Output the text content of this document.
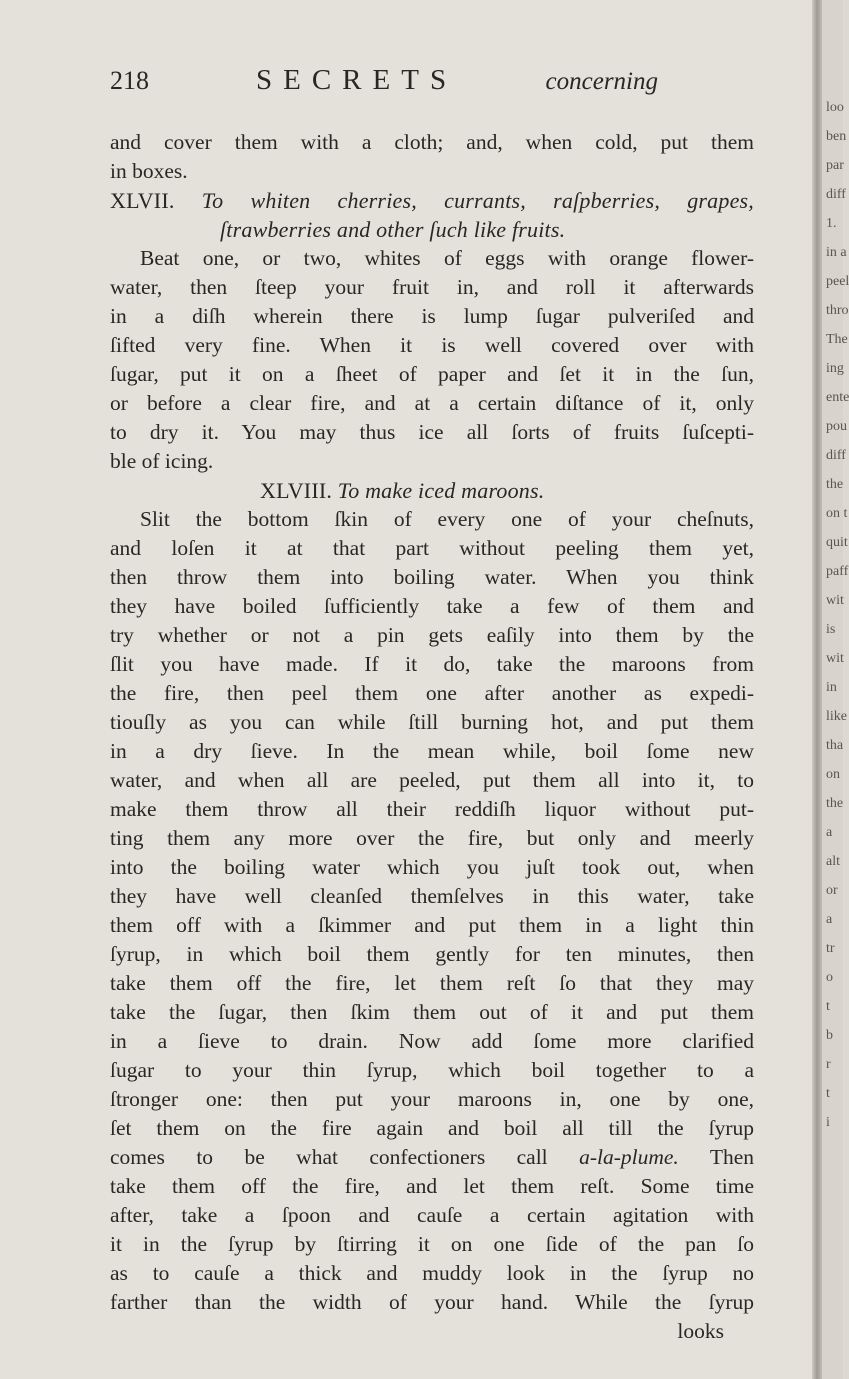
218	SECRETS	concerning
and cover them with a cloth; and, when cold, put them
in boxes.
XLVII. To whiten cherries, currants, raſpberries, grapes,
ſtrawberries and other ſuch like fruits.
Beat one, or two, whites of eggs with orange flower-
water, then ſteep your fruit in, and roll it afterwards
in a diſh wherein there is lump ſugar pulveriſed and
ſifted very fine. When it is well covered over with
ſugar, put it on a ſheet of paper and ſet it in the ſun,
or before a clear fire, and at a certain diſtance of it, only
to dry it. You may thus ice all ſorts of fruits ſuſcepti-
ble of icing.
XLVIII. To make iced maroons.
Slit the bottom ſkin of every one of your cheſnuts,
and loſen it at that part without peeling them yet,
then throw them into boiling water. When you think
they have boiled ſufficiently take a few of them and
try whether or not a pin gets eaſily into them by the
ſlit you have made. If it do, take the maroons from
the fire, then peel them one after another as expedi-
tiouſly as you can while ſtill burning hot, and put them
in a dry ſieve. In the mean while, boil ſome new
water, and when all are peeled, put them all into it, to
make them throw all their reddiſh liquor without put-
ting them any more over the fire, but only and meerly
into the boiling water which you juſt took out, when
they have well cleanſed themſelves in this water, take
them off with a ſkimmer and put them in a light thin
ſyrup, in which boil them gently for ten minutes, then
take them off the fire, let them reſt ſo that they may
take the ſugar, then ſkim them out of it and put them
in a ſieve to drain. Now add ſome more clarified
ſugar to your thin ſyrup, which boil together to a
ſtronger one: then put your maroons in, one by one,
ſet them on the fire again and boil all till the ſyrup
comes to be what confectioners call a-la-plume. Then
take them off the fire, and let them reſt. Some time
after, take a ſpoon and cauſe a certain agitation with
it in the ſyrup by ſtirring it on one ſide of the pan ſo
as to cauſe a thick and muddy look in the ſyrup no
farther than the width of your hand. While the ſyrup
looks
loo
ben
par
diff
1.
in a
peel
thro
The
ing
ente
pou
diff
the
on t
quit
paff
wit
is
wit
in
like
tha
on
the
a
alt
or
a
tr
o
t
b
r
t
i
